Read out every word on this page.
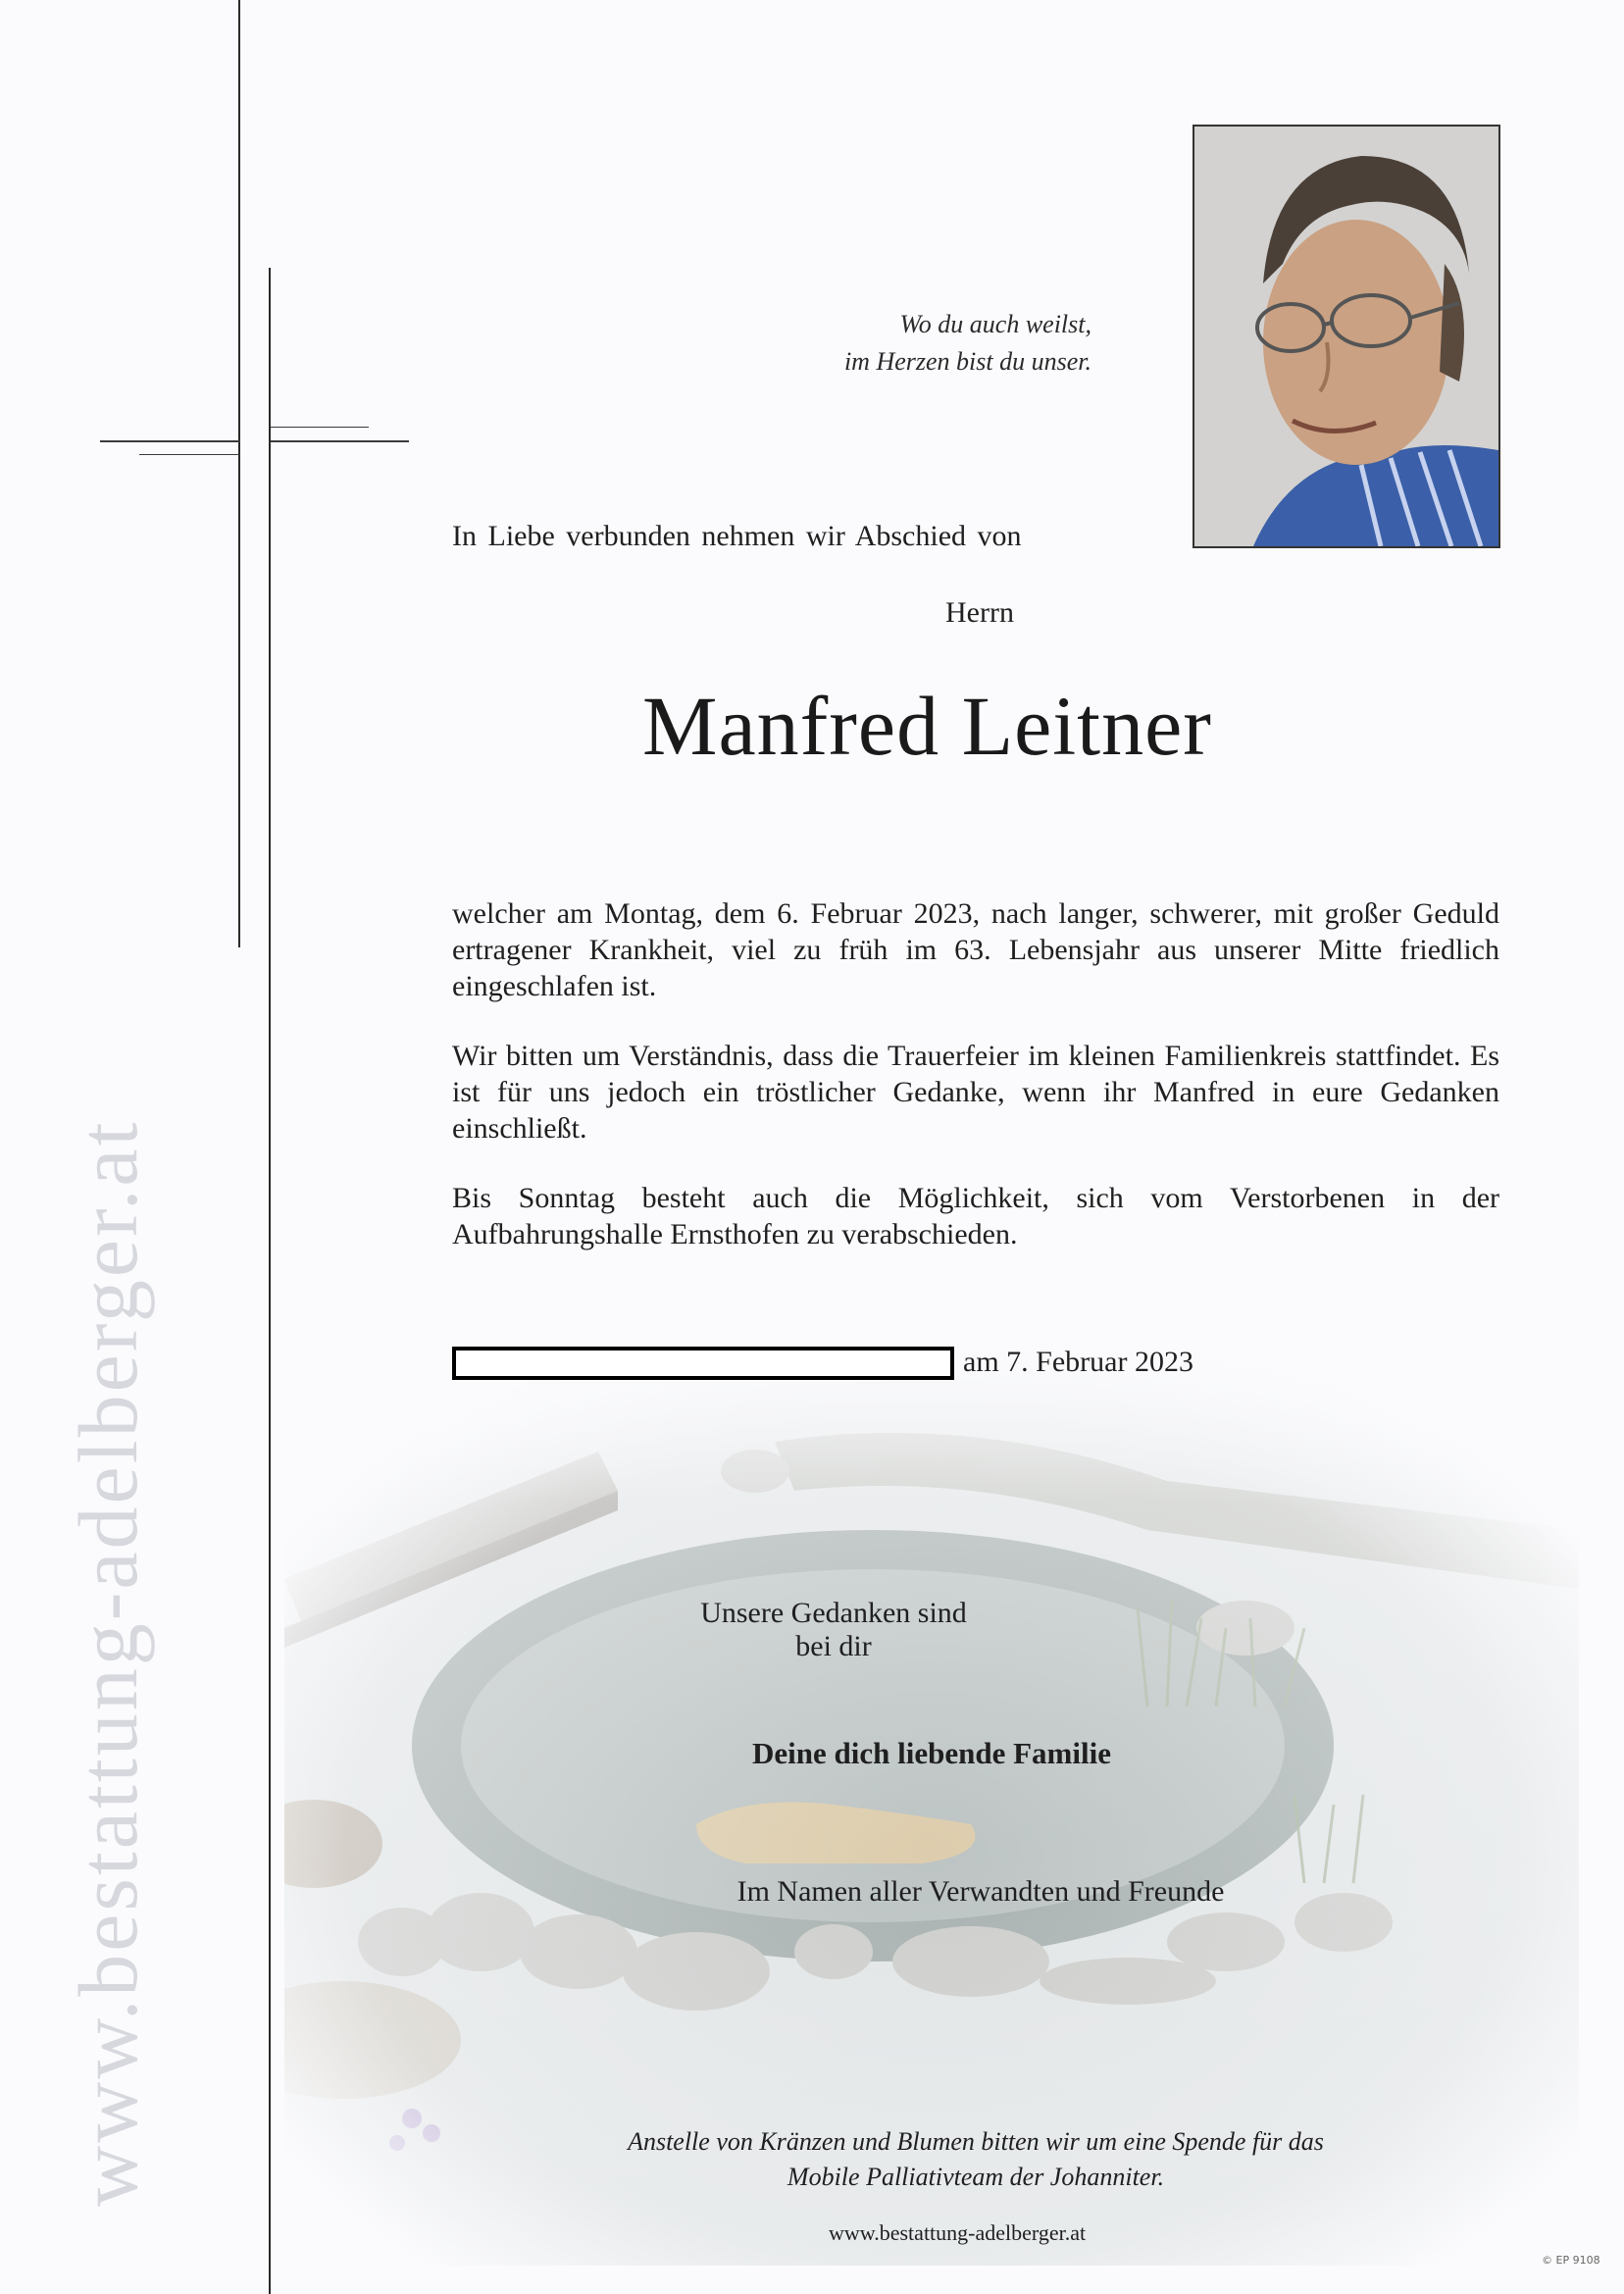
www.bestattung-adelberger.at
Wo du auch weilst,
im Herzen bist du unser.
In Liebe verbunden nehmen wir Abschied von
Herrn
Manfred Leitner
welcher am Montag, dem 6. Februar 2023, nach langer, schwerer, mit großer Geduld ertragener Krankheit, viel zu früh im 63. Lebensjahr aus unserer Mitte friedlich eingeschlafen ist.
Wir bitten um Verständnis, dass die Trauerfeier im kleinen Familienkreis stattfindet. Es ist für uns jedoch ein tröstlicher Gedanke, wenn ihr Manfred in eure Gedanken einschließt.
Bis Sonntag besteht auch die Möglichkeit, sich vom Verstorbenen in der Aufbahrungshalle Ernsthofen zu verabschieden.
am 7. Februar 2023
Unsere Gedanken sind bei dir
Deine dich liebende Familie
Im Namen aller Verwandten und Freunde
Anstelle von Kränzen und Blumen bitten wir um eine Spende für das
Mobile Palliativteam der Johanniter.
www.bestattung-adelberger.at
© EP 9108
